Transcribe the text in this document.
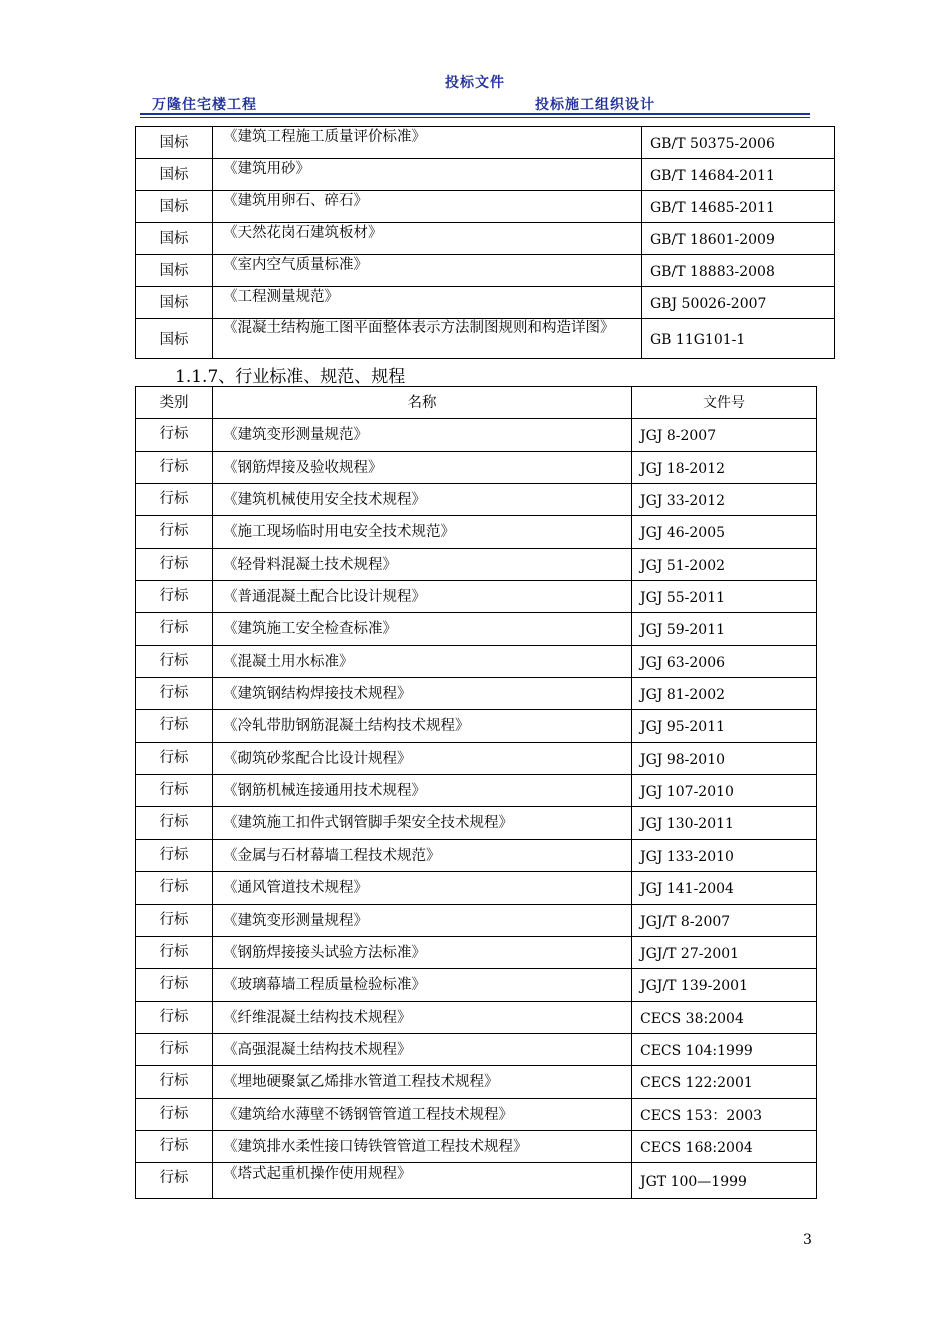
投标文件
万隆住宅楼工程	投标施工组织设计
国标	《建筑工程施工质量评价标准》	GB/T 50375-2006
国标	《建筑用砂》	GB/T 14684-2011
国标	《建筑用卵石、碎石》	GB/T 14685-2011
国标	《天然花岗石建筑板材》	GB/T 18601-2009
国标	《室内空气质量标准》	GB/T 18883-2008
国标	《工程测量规范》	GBJ 50026-2007
国标	《混凝土结构施工图平面整体表示方法制图规则和构造详图》	GB 11G101-1
1.1.7、行业标准、规范、规程
类别	名称	文件号
行标	《建筑变形测量规范》	JGJ 8-2007
行标	《钢筋焊接及验收规程》	JGJ 18-2012
行标	《建筑机械使用安全技术规程》	JGJ 33-2012
行标	《施工现场临时用电安全技术规范》	JGJ 46-2005
行标	《轻骨料混凝土技术规程》	JGJ 51-2002
行标	《普通混凝土配合比设计规程》	JGJ 55-2011
行标	《建筑施工安全检查标准》	JGJ 59-2011
行标	《混凝土用水标准》	JGJ 63-2006
行标	《建筑钢结构焊接技术规程》	JGJ 81-2002
行标	《冷轧带肋钢筋混凝土结构技术规程》	JGJ 95-2011
行标	《砌筑砂浆配合比设计规程》	JGJ 98-2010
行标	《钢筋机械连接通用技术规程》	JGJ 107-2010
行标	《建筑施工扣件式钢管脚手架安全技术规程》	JGJ 130-2011
行标	《金属与石材幕墙工程技术规范》	JGJ 133-2010
行标	《通风管道技术规程》	JGJ 141-2004
行标	《建筑变形测量规程》	JGJ/T 8-2007
行标	《钢筋焊接接头试验方法标准》	JGJ/T 27-2001
行标	《玻璃幕墙工程质量检验标准》	JGJ/T 139-2001
行标	《纤维混凝土结构技术规程》	CECS 38:2004
行标	《高强混凝土结构技术规程》	CECS 104:1999
行标	《埋地硬聚氯乙烯排水管道工程技术规程》	CECS 122:2001
行标	《建筑给水薄壁不锈钢管管道工程技术规程》	CECS 153：2003
行标	《建筑排水柔性接口铸铁管管道工程技术规程》	CECS 168:2004
行标	《塔式起重机操作使用规程》	JGT 100—1999
3
